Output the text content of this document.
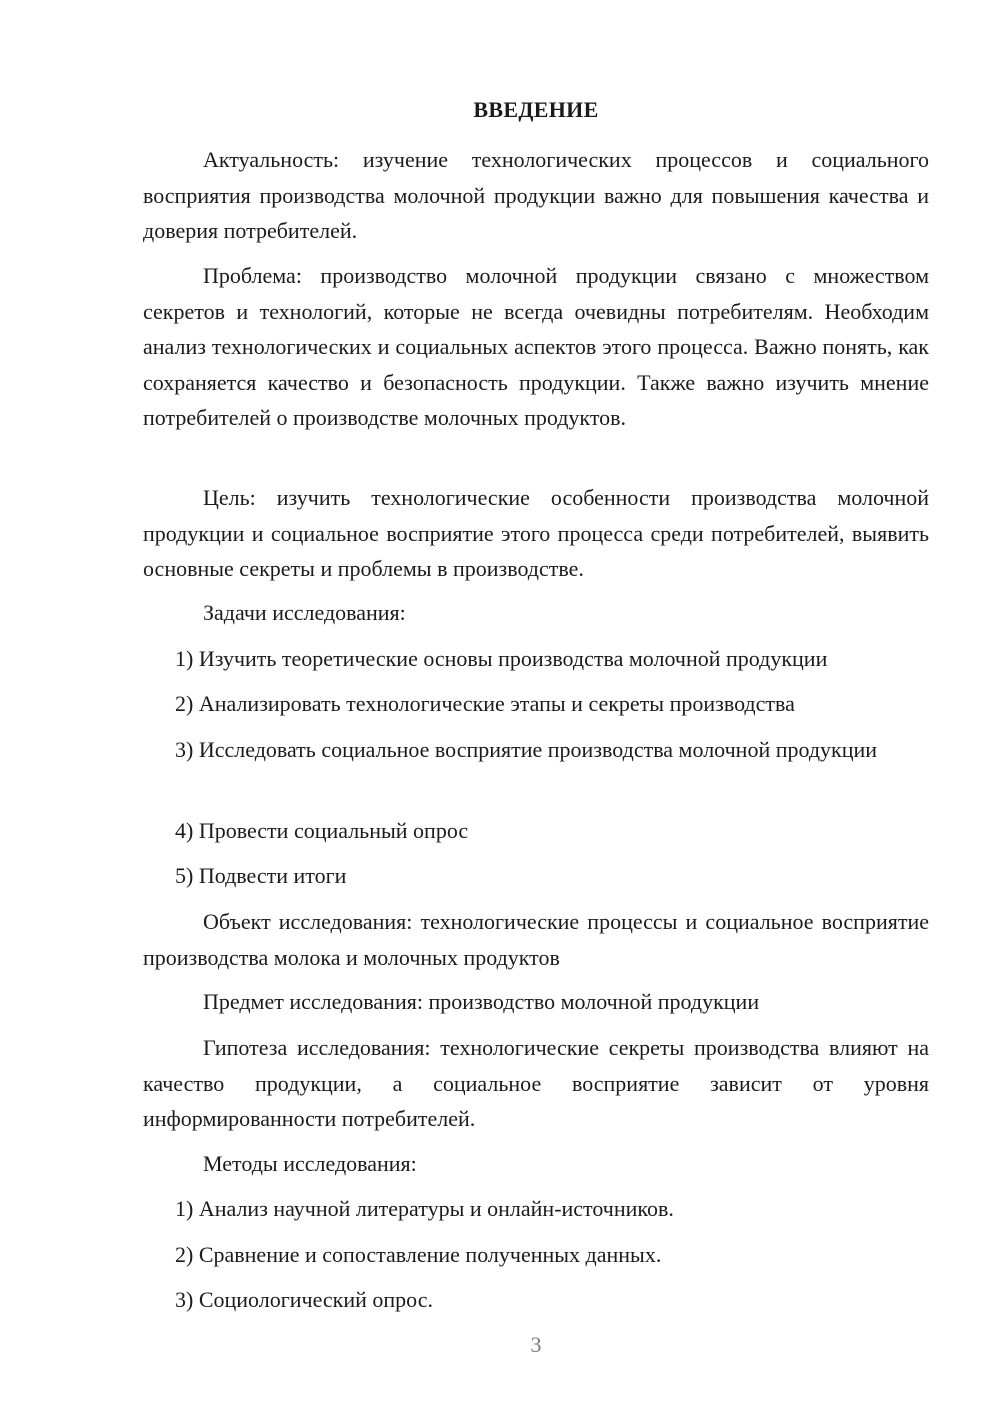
ВВЕДЕНИЕ

Актуальность: изучение технологических процессов и социального восприятия производства молочной продукции важно для повышения качества и доверия потребителей.

Проблема: производство молочной продукции связано с множеством секретов и технологий, которые не всегда очевидны потребителям. Необходим анализ технологических и социальных аспектов этого процесса. Важно понять, как сохраняется качество и безопасность продукции. Также важно изучить мнение потребителей о производстве молочных продуктов.

Цель: изучить технологические особенности производства молочной продукции и социальное восприятие этого процесса среди потребителей, выявить основные секреты и проблемы в производстве.

Задачи исследования:

1) Изучить теоретические основы производства молочной продукции

2) Анализировать технологические этапы и секреты производства

3) Исследовать социальное восприятие производства молочной продукции

4) Провести социальный опрос

5) Подвести итоги

Объект исследования: технологические процессы и социальное восприятие производства молока и молочных продуктов

Предмет исследования: производство молочной продукции

Гипотеза исследования: технологические секреты производства влияют на качество продукции, а социальное восприятие зависит от уровня информированности потребителей.

Методы исследования:

1) Анализ научной литературы и онлайн-источников.

2) Сравнение и сопоставление полученных данных.

3) Социологический опрос.

3
